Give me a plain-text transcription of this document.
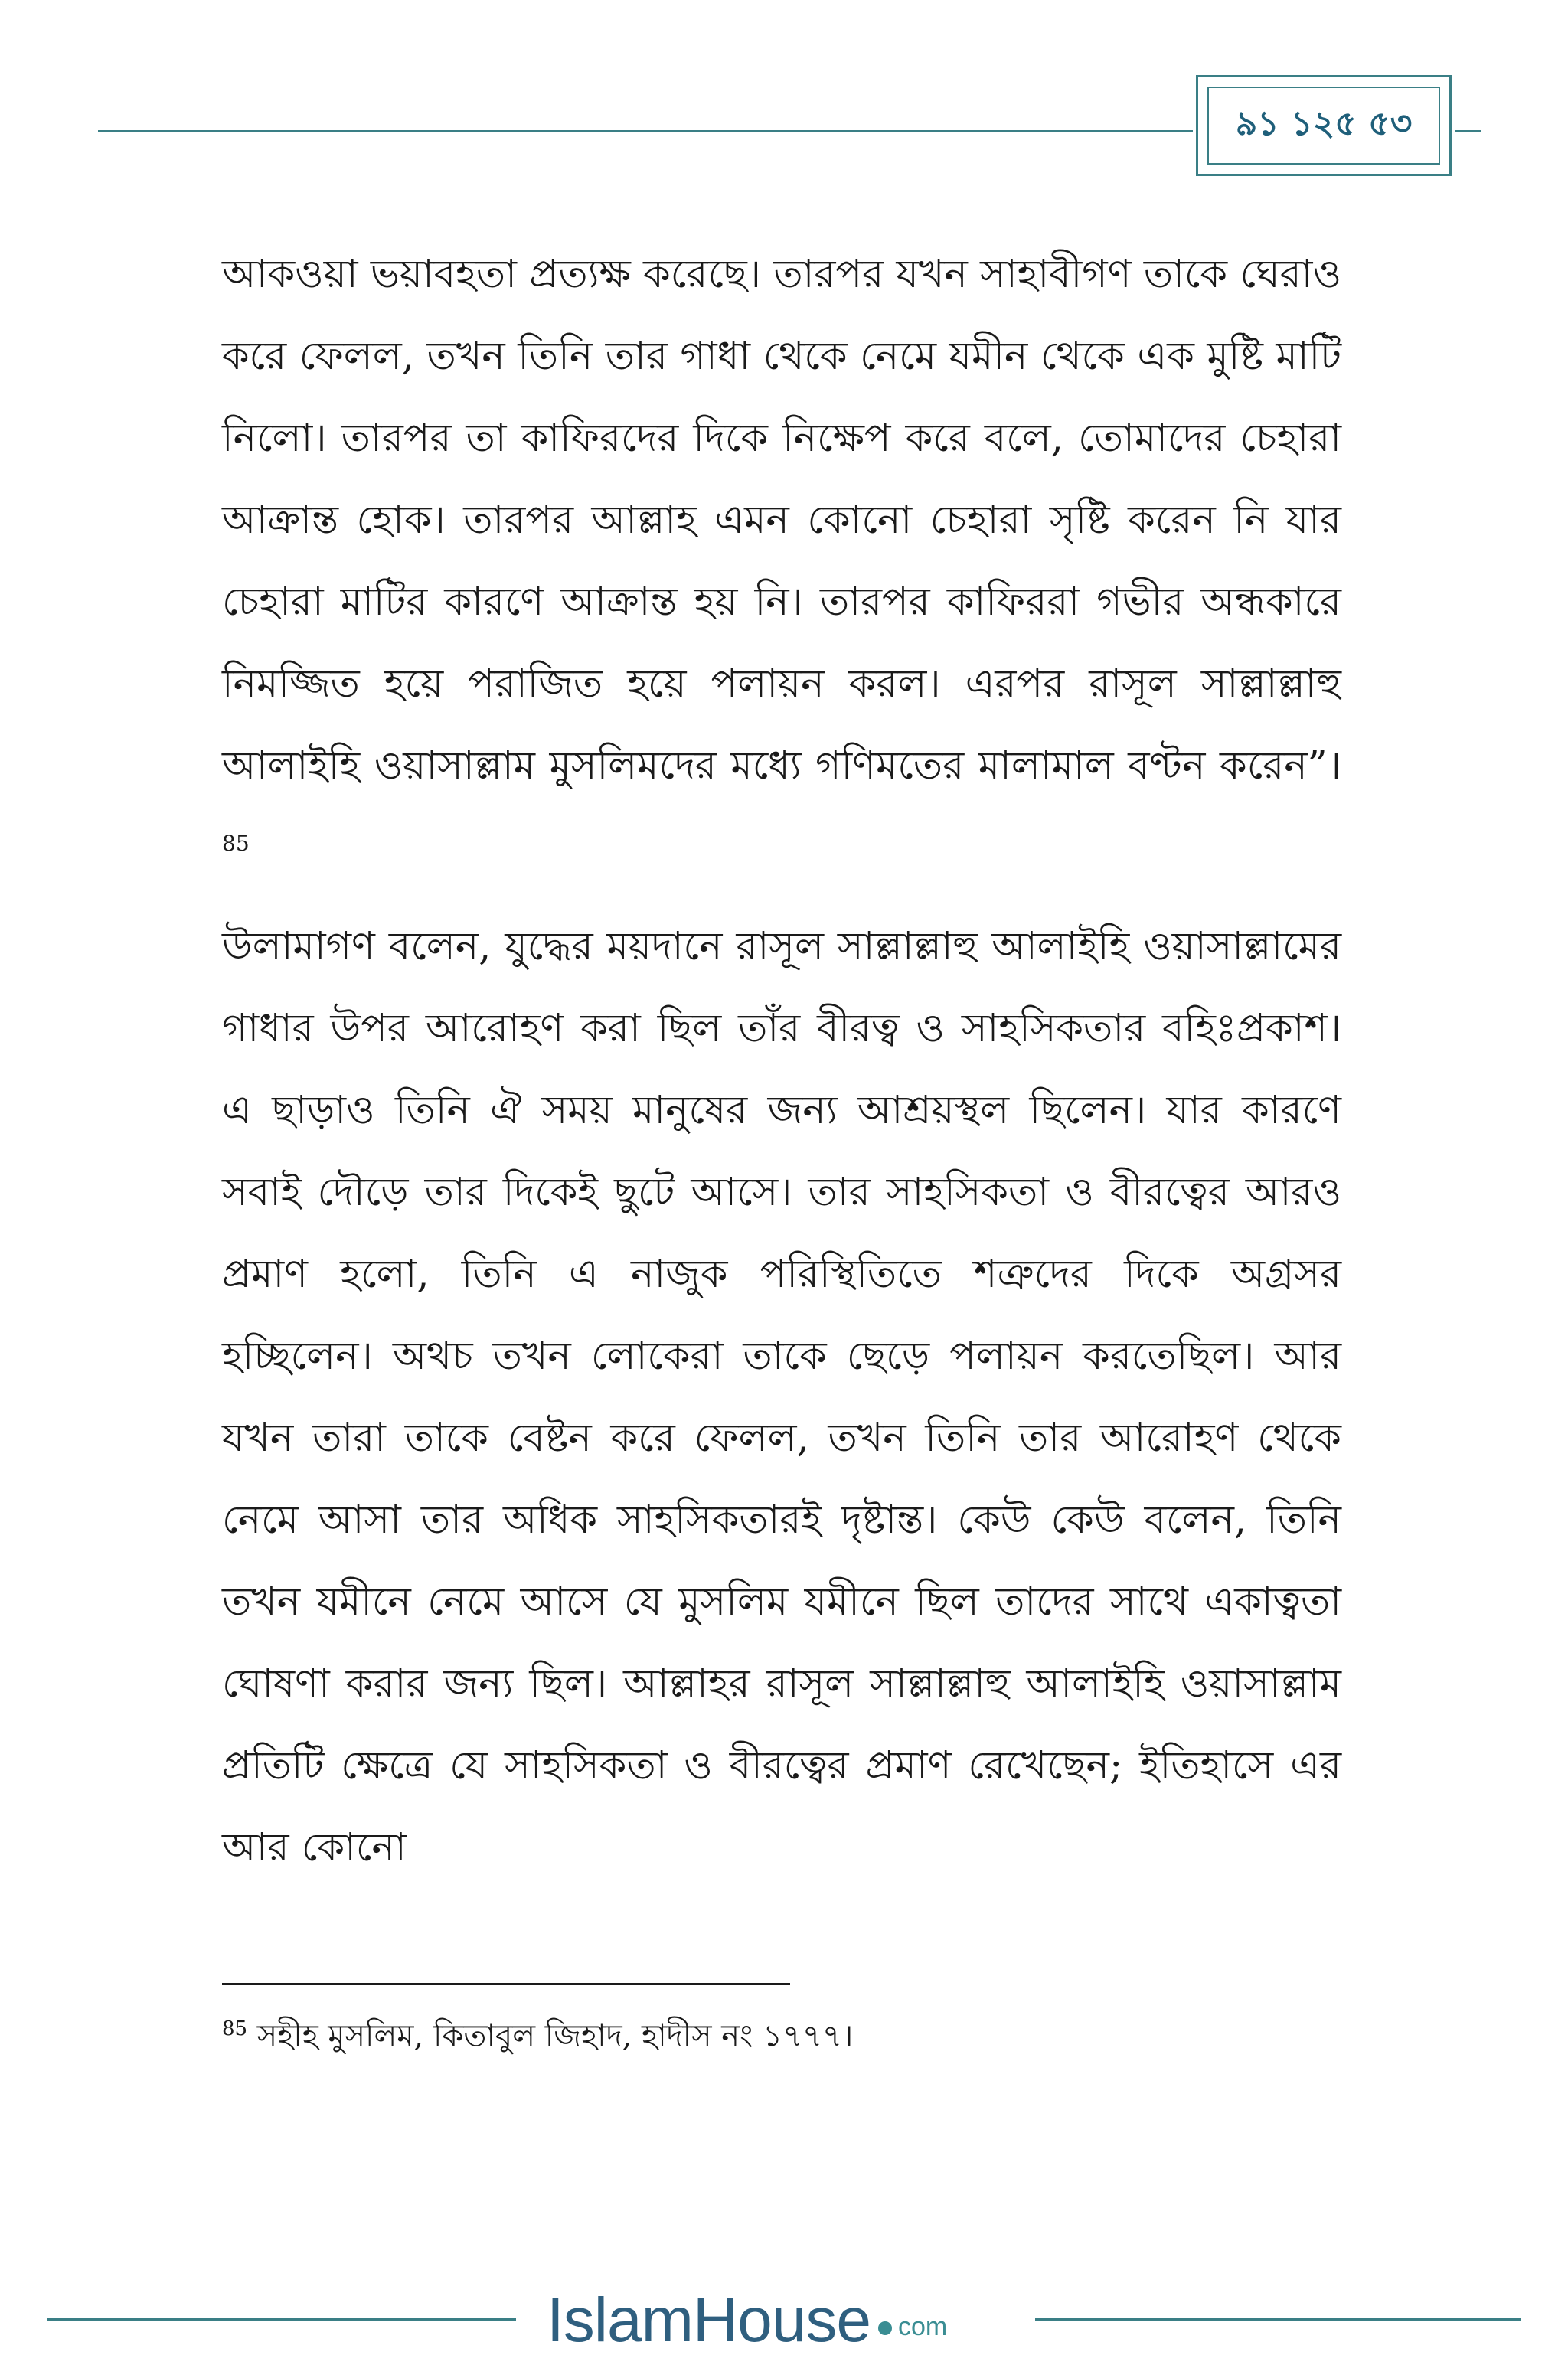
৯১ ১২৫ ৫৩

আকওয়া ভয়াবহতা প্রত্যক্ষ করেছে। তারপর যখন সাহাবীগণ তাকে ঘেরাও করে ফেলল, তখন তিনি তার গাধা থেকে নেমে যমীন থেকে এক মুষ্টি মাটি নিলো। তারপর তা কাফিরদের দিকে নিক্ষেপ করে বলে, তোমাদের চেহারা আক্রান্ত হোক। তারপর আল্লাহ এমন কোনো চেহারা সৃষ্টি করেন নি যার চেহারা মাটির কারণে আক্রান্ত হয় নি। তারপর কাফিররা গভীর অন্ধকারে নিমজ্জিত হয়ে পরাজিত হয়ে পলায়ন করল। এরপর রাসূল সাল্লাল্লাহু আলাইহি ওয়াসাল্লাম মুসলিমদের মধ্যে গণিমতের মালামাল বণ্টন করেন”।$^{85}$

উলামাগণ বলেন, যুদ্ধের ময়দানে রাসূল সাল্লাল্লাহু আলাইহি ওয়াসাল্লামের গাধার উপর আরোহণ করা ছিল তাঁর বীরত্ব ও সাহসিকতার বহিঃপ্রকাশ। এ ছাড়াও তিনি ঐ সময় মানুষের জন্য আশ্রয়স্থল ছিলেন। যার কারণে সবাই দৌড়ে তার দিকেই ছুটে আসে। তার সাহসিকতা ও বীরত্বের আরও প্রমাণ হলো, তিনি এ নাজুক পরিস্থিতিতে শত্রুদের দিকে অগ্রসর হচ্ছিলেন। অথচ তখন লোকেরা তাকে ছেড়ে পলায়ন করতেছিল। আর যখন তারা তাকে বেষ্টন করে ফেলল, তখন তিনি তার আরোহণ থেকে নেমে আসা তার অধিক সাহসিকতারই দৃষ্টান্ত। কেউ কেউ বলেন, তিনি তখন যমীনে নেমে আসে যে মুসলিম যমীনে ছিল তাদের সাথে একাত্বতা ঘোষণা করার জন্য ছিল। আল্লাহর রাসূল সাল্লাল্লাহু আলাইহি ওয়াসাল্লাম প্রতিটি ক্ষেত্রে যে সাহসিকতা ও বীরত্বের প্রমাণ রেখেছেন; ইতিহাসে এর আর কোনো

$^{85}$ সহীহ মুসলিম, কিতাবুল জিহাদ, হাদীস নং ১৭৭৭।
IslamHouse com
